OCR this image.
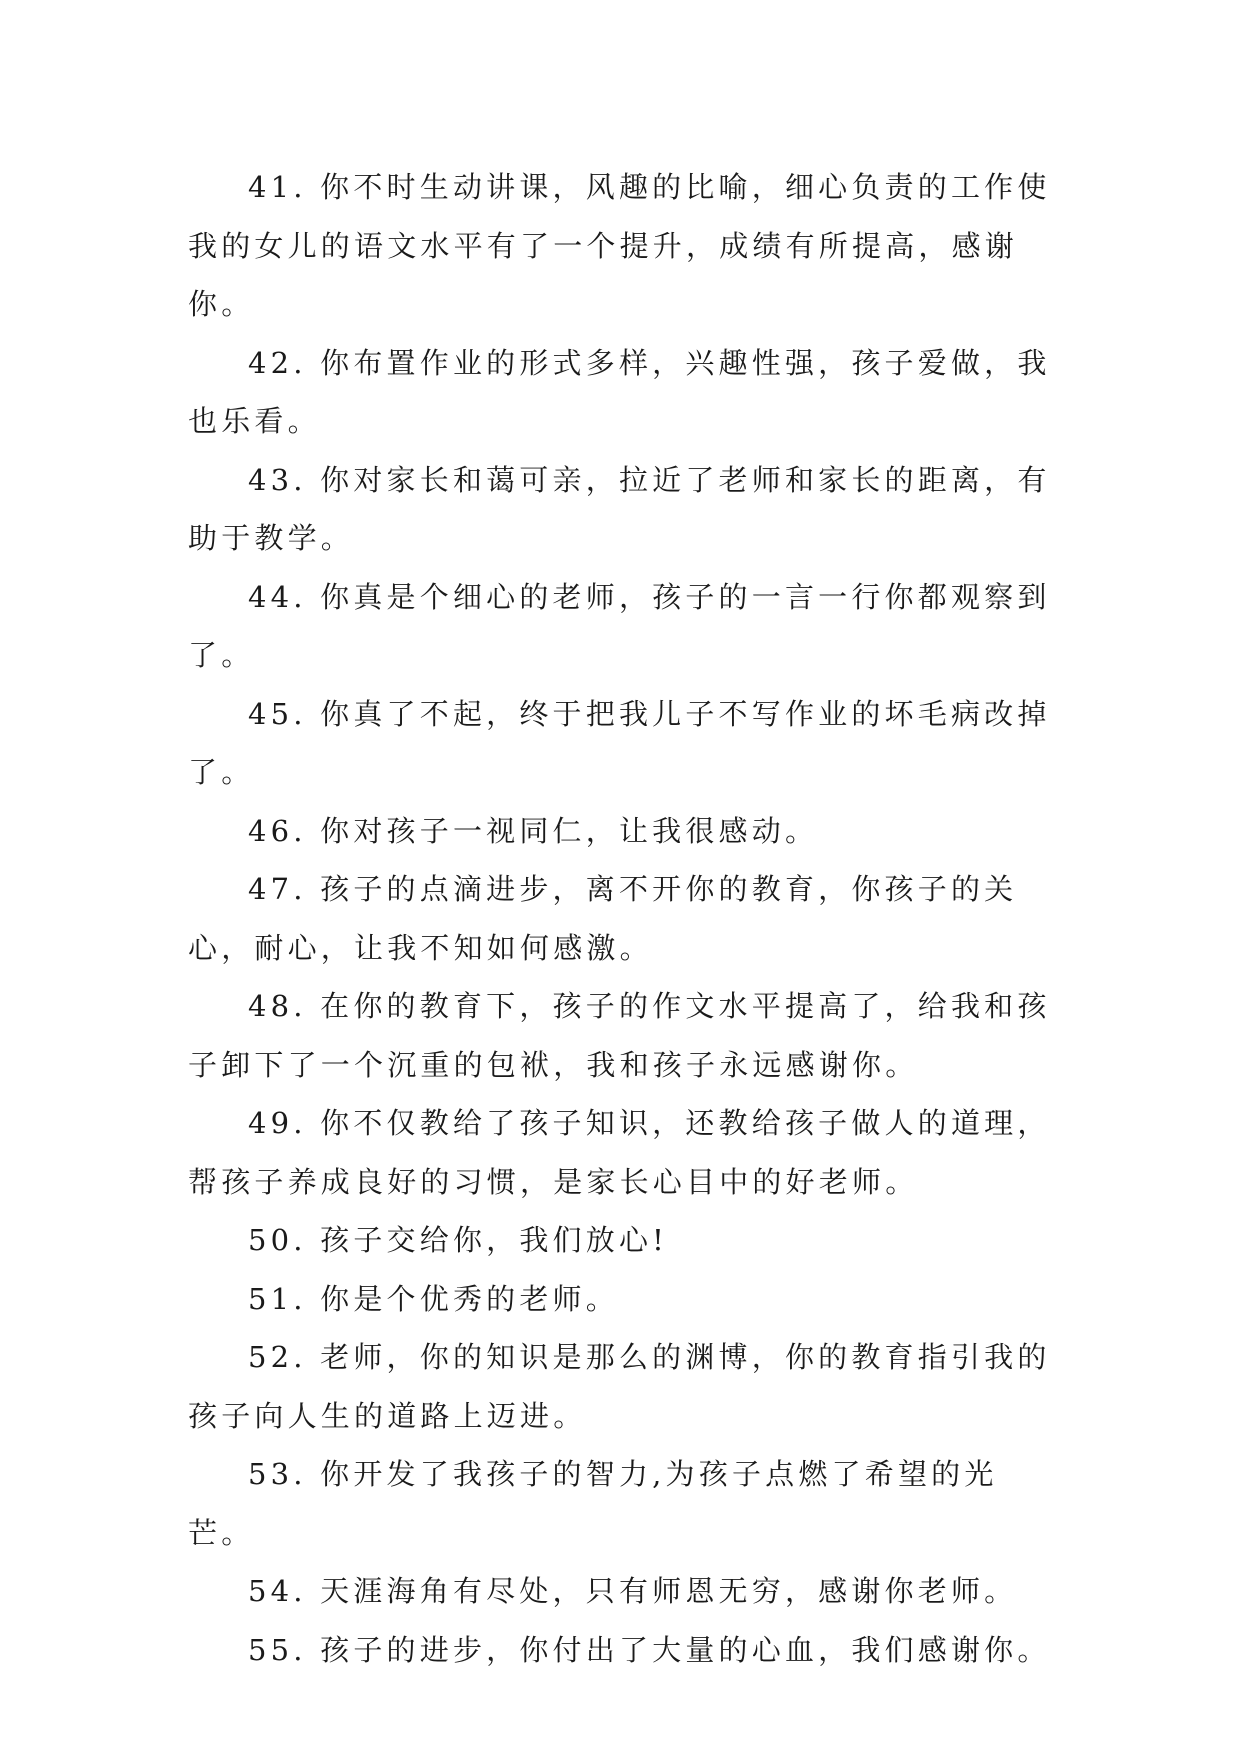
41. 你不时生动讲课，风趣的比喻，细心负责的工作使我的女儿的语文水平有了一个提升，成绩有所提高，感谢你。

42. 你布置作业的形式多样，兴趣性强，孩子爱做，我也乐看。

43. 你对家长和蔼可亲，拉近了老师和家长的距离，有助于教学。

44. 你真是个细心的老师，孩子的一言一行你都观察到了。

45. 你真了不起，终于把我儿子不写作业的坏毛病改掉了。

46. 你对孩子一视同仁，让我很感动。

47. 孩子的点滴进步，离不开你的教育，你孩子的关心，耐心，让我不知如何感激。

48. 在你的教育下，孩子的作文水平提高了，给我和孩子卸下了一个沉重的包袱，我和孩子永远感谢你。

49. 你不仅教给了孩子知识，还教给孩子做人的道理，帮孩子养成良好的习惯，是家长心目中的好老师。

50. 孩子交给你，我们放心!

51. 你是个优秀的老师。

52. 老师，你的知识是那么的渊博，你的教育指引我的孩子向人生的道路上迈进。

53. 你开发了我孩子的智力,为孩子点燃了希望的光芒。

54. 天涯海角有尽处，只有师恩无穷，感谢你老师。

55. 孩子的进步，你付出了大量的心血，我们感谢你。
